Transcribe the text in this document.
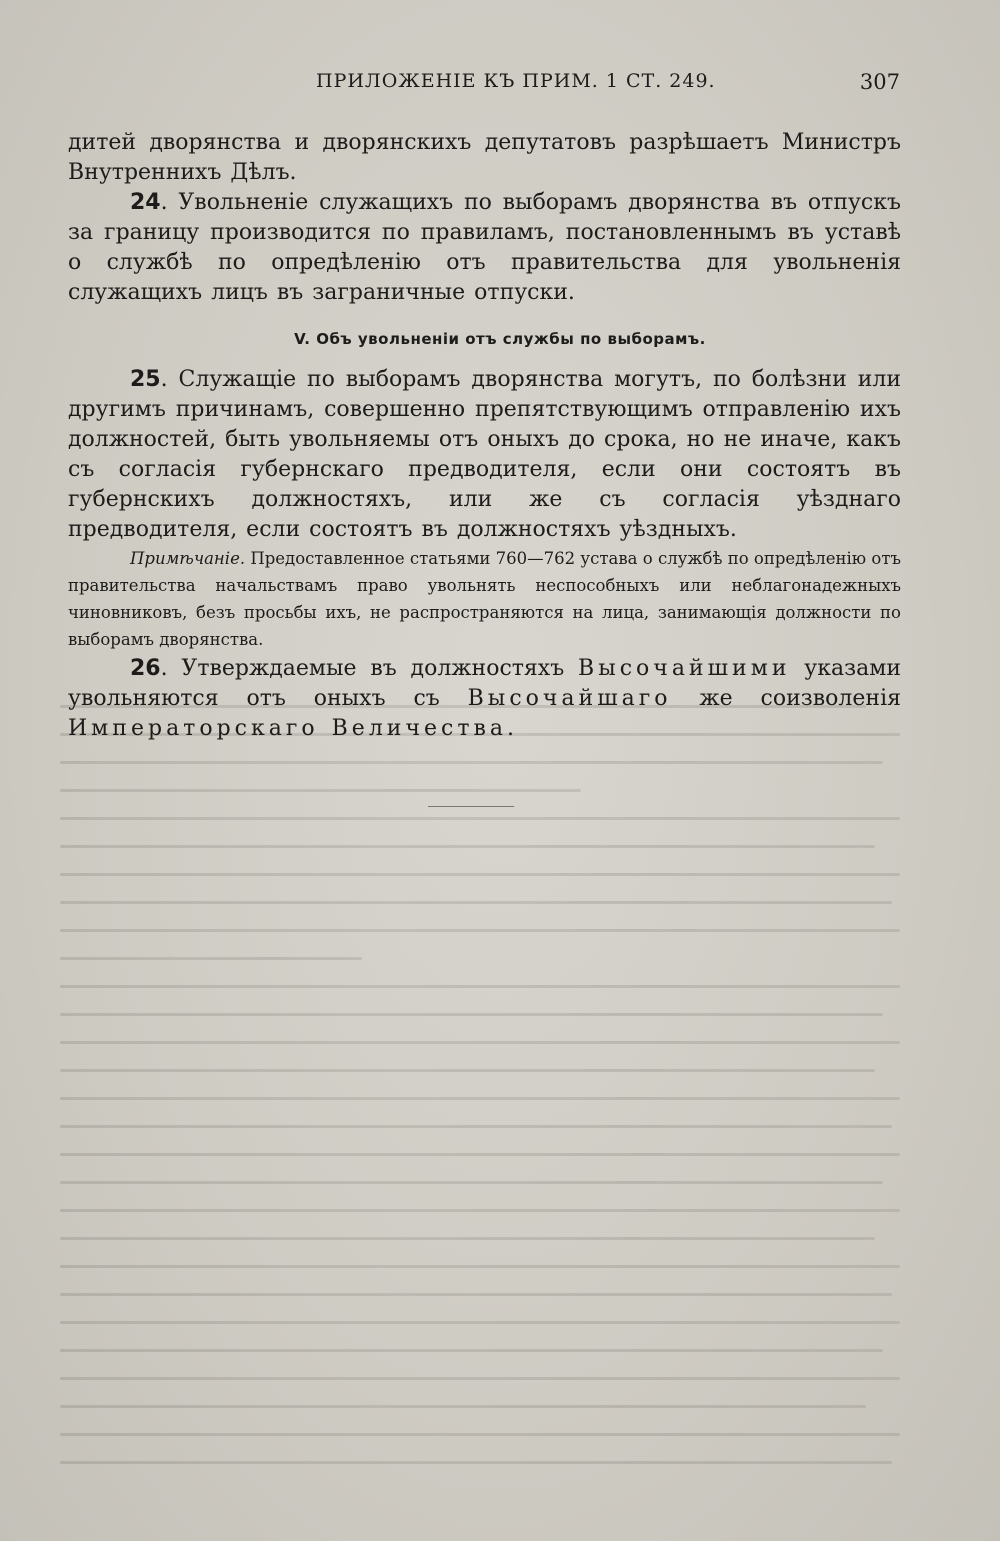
ПРИЛОЖЕНІЕ КЪ ПРИМ. 1 СТ. 249.	307

дитей дворянства и дворянскихъ депутатовъ разрѣшаетъ Министръ Внутреннихъ Дѣлъ.

24. Увольненіе служащихъ по выборамъ дворянства въ отпускъ за границу производится по правиламъ, постановленнымъ въ уставѣ о службѣ по опредѣленію отъ правительства для увольненія служащихъ лицъ въ заграничные отпуски.

V. Объ увольненіи отъ службы по выборамъ.

25. Служащіе по выборамъ дворянства могутъ, по болѣзни или другимъ причинамъ, совершенно препятствующимъ отправленію ихъ должностей, быть увольняемы отъ оныхъ до срока, но не иначе, какъ съ согласія губернскаго предводителя, если они состоятъ въ губернскихъ должностяхъ, или же съ согласія уѣзднаго предводителя, если состоятъ въ должностяхъ уѣздныхъ.

Примѣчаніе. Предоставленное статьями 760—762 устава о службѣ по опредѣленію отъ правительства начальствамъ право увольнять неспособныхъ или неблагонадежныхъ чиновниковъ, безъ просьбы ихъ, не распространяются на лица, занимающія должности по выборамъ дворянства.

26. Утверждаемые въ должностяхъ Высочайшими указами увольняются отъ оныхъ съ Высочайшаго же соизволенія Императорскаго Величества.
